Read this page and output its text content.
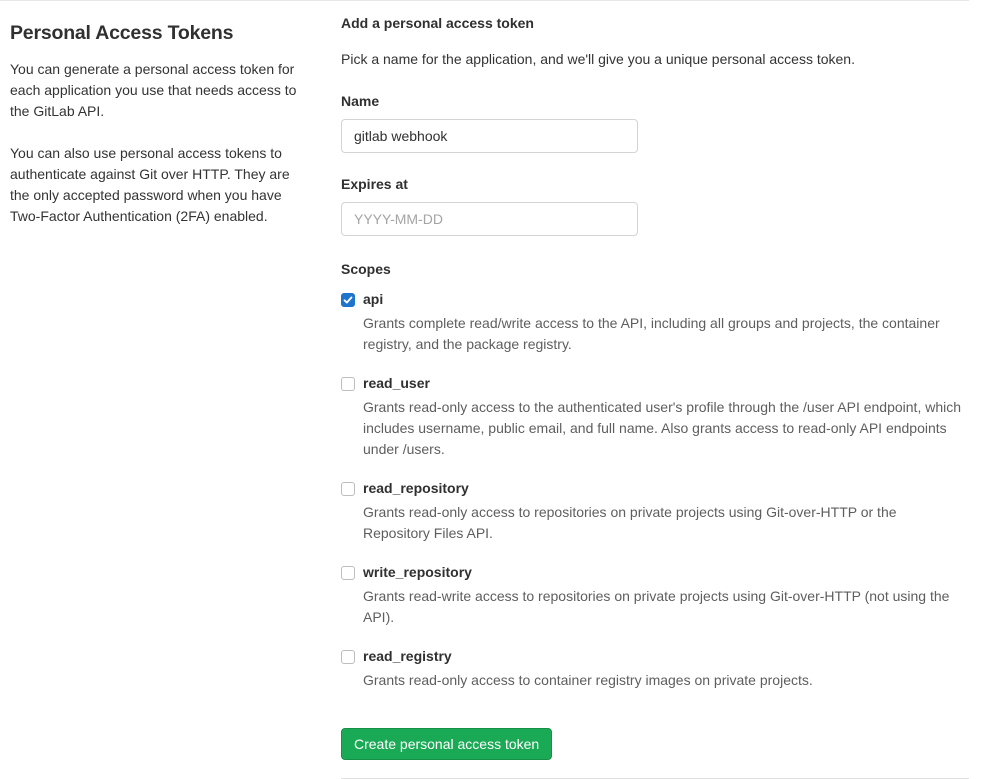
Personal Access Tokens

You can generate a personal access token for each application you use that needs access to the GitLab API.

You can also use personal access tokens to authenticate against Git over HTTP. They are the only accepted password when you have Two-Factor Authentication (2FA) enabled.

Add a personal access token

Pick a name for the application, and we'll give you a unique personal access token.

Name
gitlab webhook
Expires at
YYYY-MM-DD
Scopes
api

Grants complete read/write access to the API, including all groups and projects, the container registry, and the package registry.

read_user

Grants read-only access to the authenticated user's profile through the /user API endpoint, which includes username, public email, and full name. Also grants access to read-only API endpoints under /users.

read_repository

Grants read-only access to repositories on private projects using Git-over-HTTP or the Repository Files API.

write_repository

Grants read-write access to repositories on private projects using Git-over-HTTP (not using the API).

read_registry

Grants read-only access to container registry images on private projects.

Create personal access token
